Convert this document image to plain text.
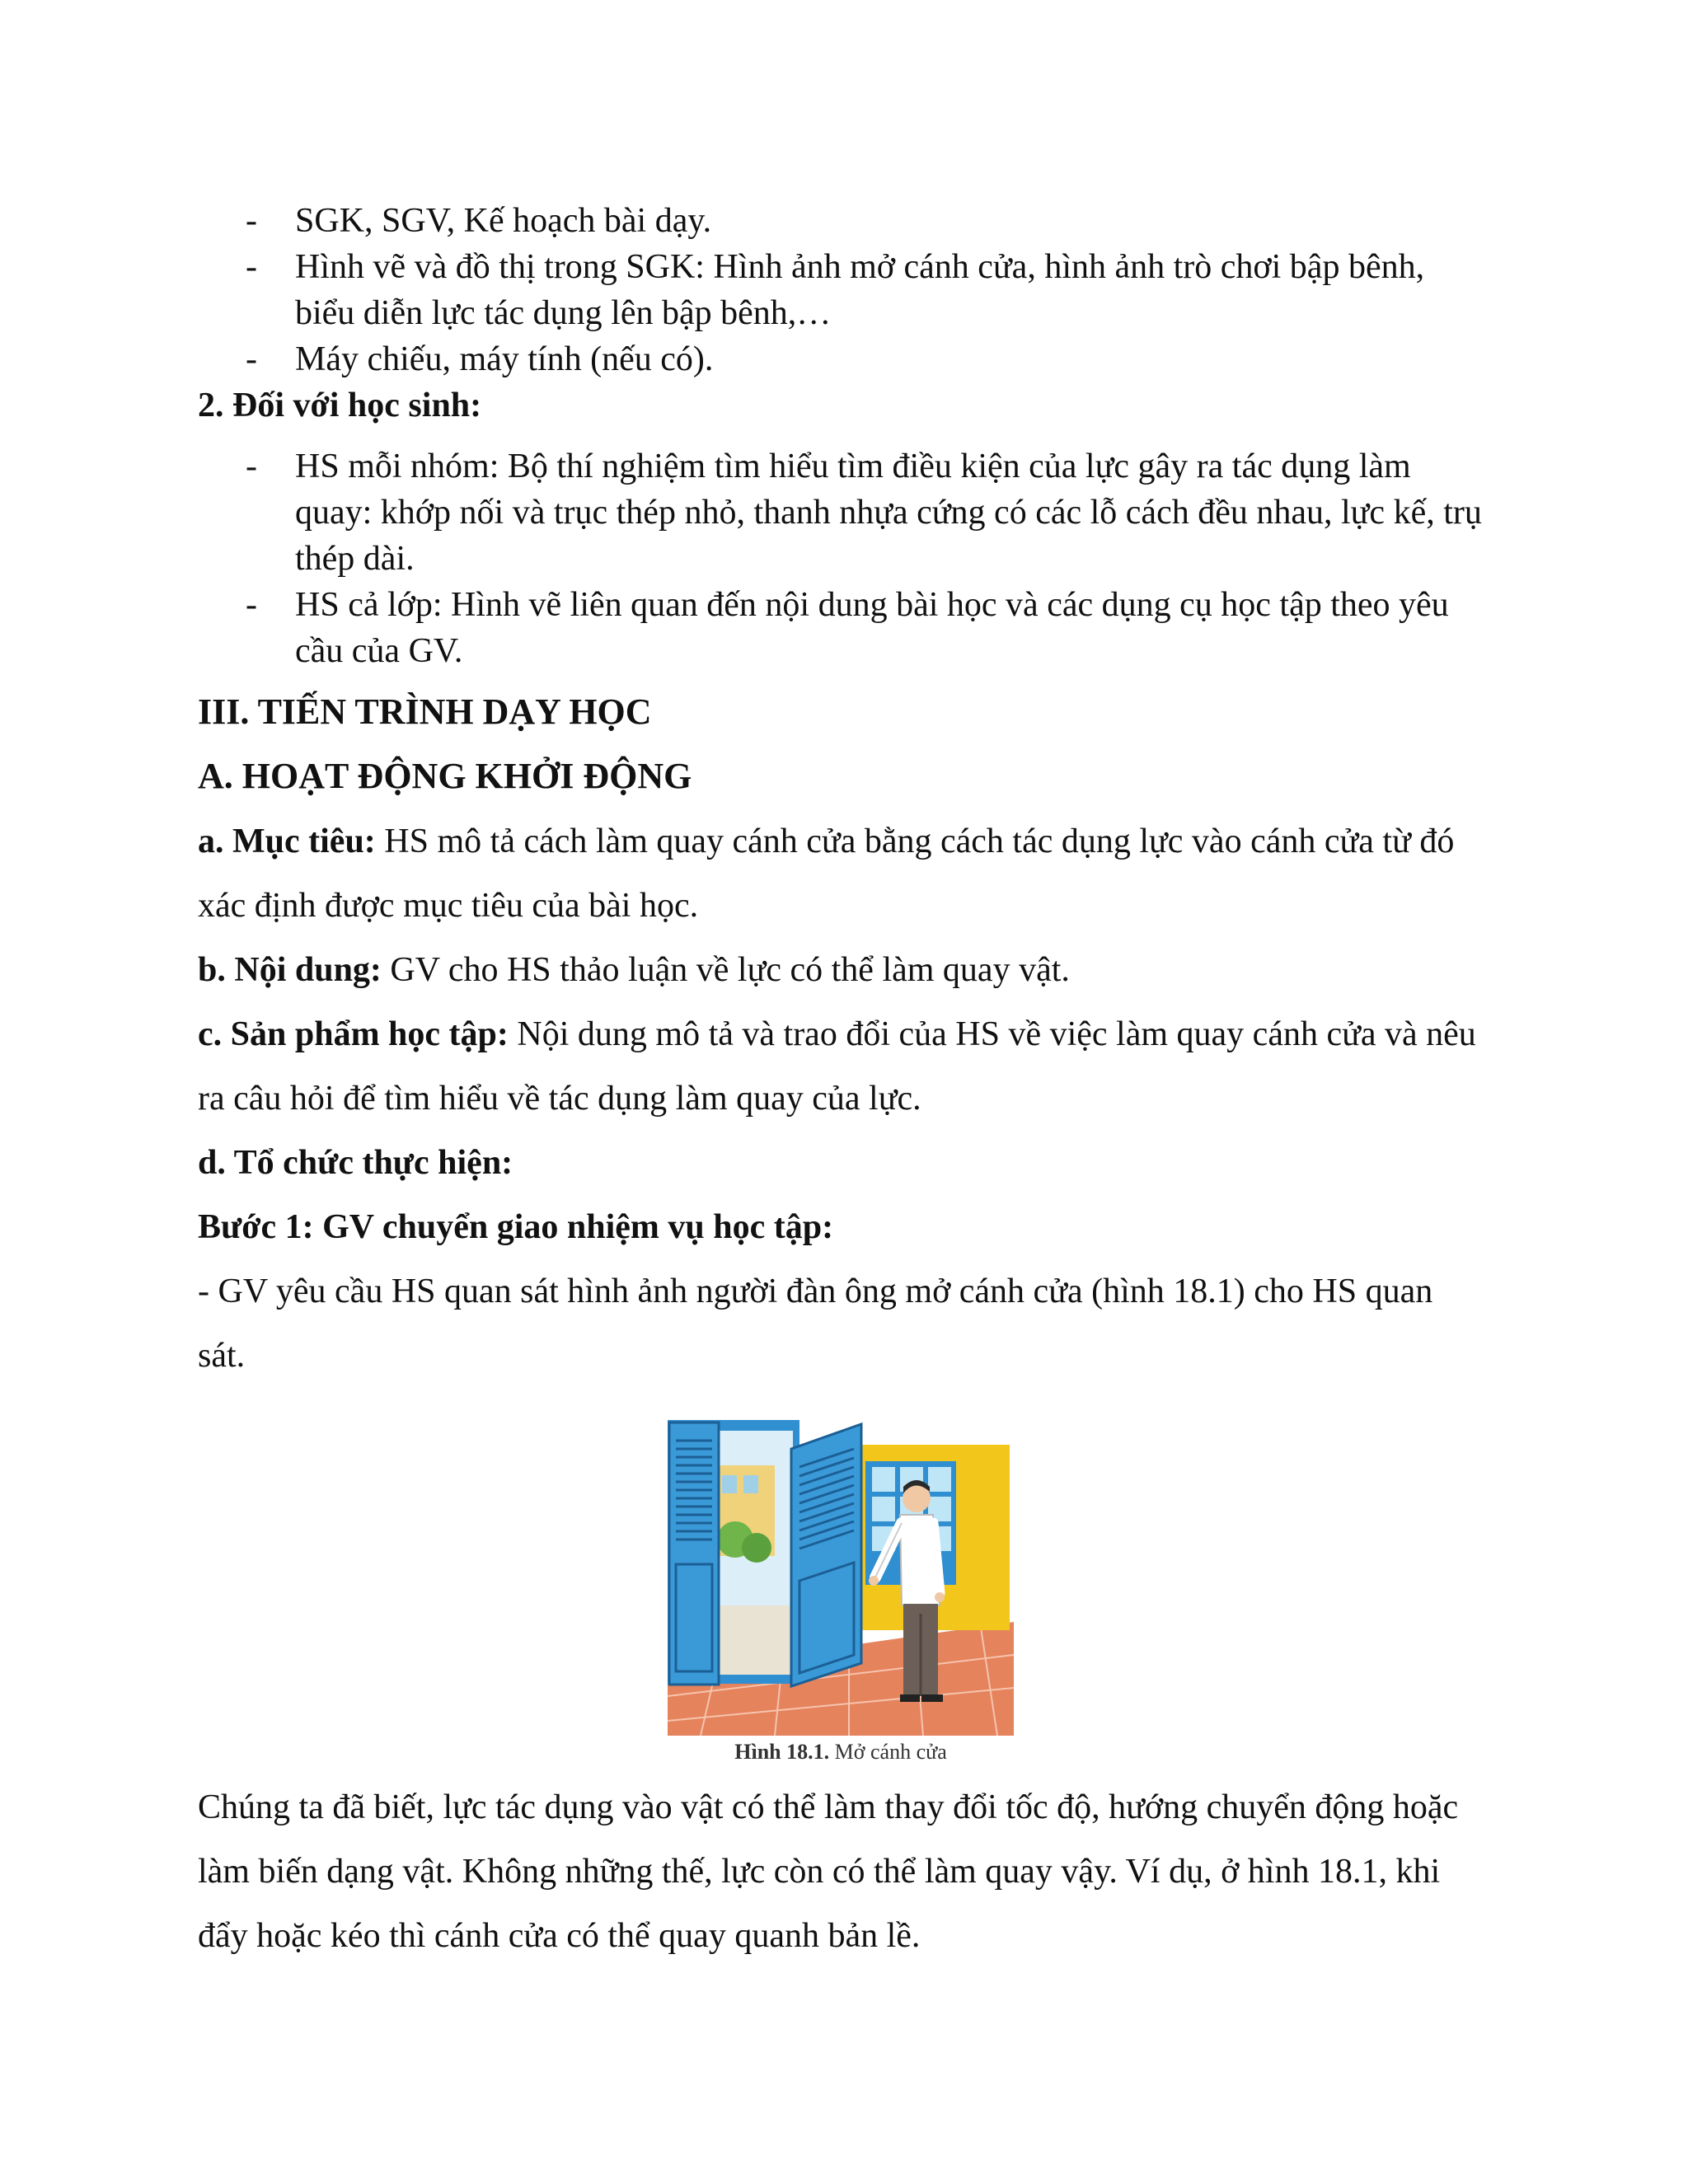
- SGK, SGV, Kế hoạch bài dạy.
- Hình vẽ và đồ thị trong SGK: Hình ảnh mở cánh cửa, hình ảnh trò chơi bập bênh, biểu diễn lực tác dụng lên bập bênh,…
- Máy chiếu, máy tính (nếu có).

2. Đối với học sinh:

- HS mỗi nhóm: Bộ thí nghiệm tìm hiểu tìm điều kiện của lực gây ra tác dụng làm quay: khớp nối và trục thép nhỏ, thanh nhựa cứng có các lỗ cách đều nhau, lực kế, trụ thép dài.
- HS cả lớp: Hình vẽ liên quan đến nội dung bài học và các dụng cụ học tập theo yêu cầu của GV.

III. TIẾN TRÌNH DẠY HỌC

A. HOẠT ĐỘNG KHỞI ĐỘNG

a. Mục tiêu: HS mô tả cách làm quay cánh cửa bằng cách tác dụng lực vào cánh cửa từ đó xác định được mục tiêu của bài học.

b. Nội dung: GV cho HS thảo luận về lực có thể làm quay vật.

c. Sản phẩm học tập: Nội dung mô tả và trao đổi của HS về việc làm quay cánh cửa và nêu ra câu hỏi để tìm hiểu về tác dụng làm quay của lực.

d. Tổ chức thực hiện:

Bước 1: GV chuyển giao nhiệm vụ học tập:

- GV yêu cầu HS quan sát hình ảnh người đàn ông mở cánh cửa (hình 18.1) cho HS quan sát.

Hình 18.1. Mở cánh cửa

Chúng ta đã biết, lực tác dụng vào vật có thể làm thay đổi tốc độ, hướng chuyển động hoặc làm biến dạng vật. Không những thế, lực còn có thể làm quay vậy. Ví dụ, ở hình 18.1, khi đẩy hoặc kéo thì cánh cửa có thể quay quanh bản lề.
